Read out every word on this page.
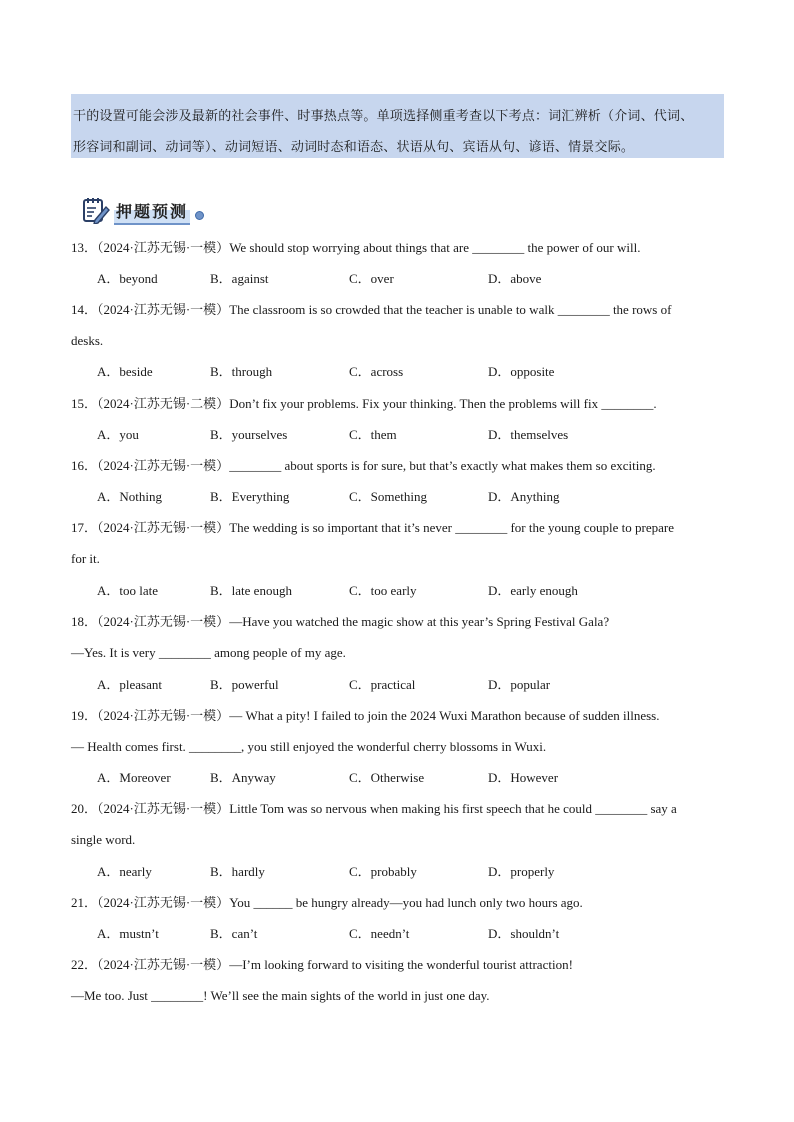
干的设置可能会涉及最新的社会事件、时事热点等。单项选择侧重考查以下考点：词汇辨析（介词、代词、
形容词和副词、动词等）、动词短语、动词时态和语态、状语从句、宾语从句、谚语、情景交际。
押题预测
13．（2024·江苏无锡·一模）We should stop worrying about things that are ________ the power of our will.
A．beyond	B．against	C．over	D．above
14．（2024·江苏无锡·一模）The classroom is so crowded that the teacher is unable to walk ________ the rows of
desks.
A．beside	B．through	C．across	D．opposite
15．（2024·江苏无锡·二模）Don’t fix your problems. Fix your thinking. Then the problems will fix ________.
A．you	B．yourselves	C．them	D．themselves
16．（2024·江苏无锡·一模）________ about sports is for sure, but that’s exactly what makes them so exciting.
A．Nothing	B．Everything	C．Something	D．Anything
17．（2024·江苏无锡·一模）The wedding is so important that it’s never ________ for the young couple to prepare
for it.
A．too late	B．late enough	C．too early	D．early enough
18．（2024·江苏无锡·一模）—Have you watched the magic show at this year’s Spring Festival Gala?
—Yes. It is very ________ among people of my age.
A．pleasant	B．powerful	C．practical	D．popular
19．（2024·江苏无锡·一模）— What a pity! I failed to join the 2024 Wuxi Marathon because of sudden illness.
— Health comes first. ________, you still enjoyed the wonderful cherry blossoms in Wuxi.
A．Moreover	B．Anyway	C．Otherwise	D．However
20．（2024·江苏无锡·一模）Little Tom was so nervous when making his first speech that he could ________ say a
single word.
A．nearly	B．hardly	C．probably	D．properly
21．（2024·江苏无锡·一模）You ______ be hungry already—you had lunch only two hours ago.
A．mustn’t	B．can’t	C．needn’t	D．shouldn’t
22．（2024·江苏无锡·一模）—I’m looking forward to visiting the wonderful tourist attraction!
—Me too. Just ________! We’ll see the main sights of the world in just one day.
